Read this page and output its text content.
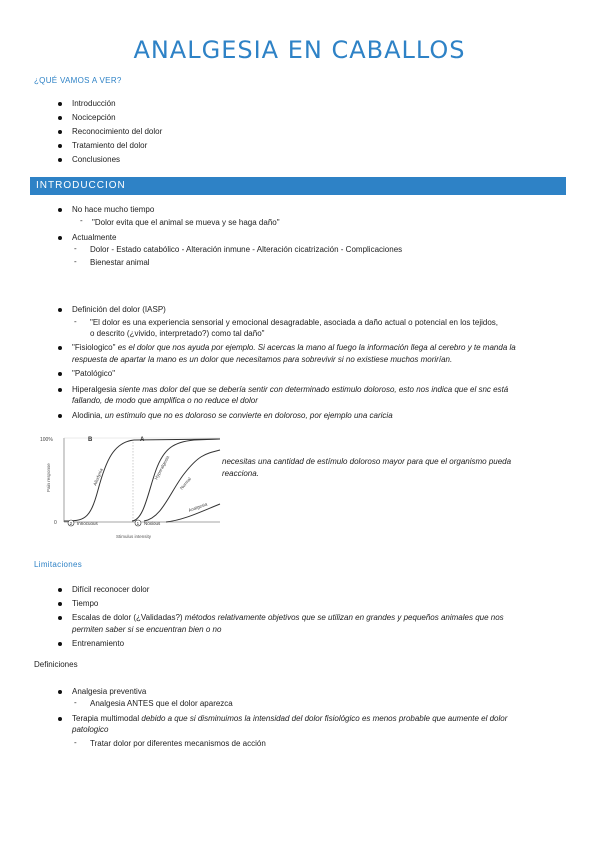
ANALGESIA EN CABALLOS
¿QUÉ VAMOS A VER?
Introducción
Nocicepción
Reconocimiento del dolor
Tratamiento del dolor
Conclusiones
INTRODUCCION
No hace mucho tiempo
- "Dolor evita que el animal se mueva y se haga daño"
Actualmente
- Dolor - Estado catabólico - Alteración inmune - Alteración cicatrización - Complicaciones
- Bienestar animal
Definición del dolor (IASP)
- "El dolor es una experiencia sensorial y emocional desagradable, asociada a daño actual o potencial en los tejidos,
o descrito (¿vivido, interpretado?) como tal daño"
"Fisiologico" es el dolor que nos ayuda por ejemplo. Si acercas la mano al fuego la información llega al cerebro y te manda la
respuesta de apartar la mano es un dolor que necesitamos para sobrevivir si no existiese muchos morirían.
"Patológico"
Hiperalgesia siente mas dolor del que se debería sentir con determinado estimulo doloroso, esto nos indica que el snc está
fallando, de modo que amplifica o no reduce el dolor
Alodinia, un estimulo que no es doloroso se convierte en doloroso, por ejemplo una caricia
100%
0
Pain response
Stimulus intensity
B	A
Allodynia	Hyperalgesia
Normal
Analgesia
2 Innocuous	1 Noxious
necesitas una cantidad de estímulo doloroso mayor para que el organismo pueda
reacciona.
Limitaciones
Difícil reconocer dolor
Tiempo
Escalas de dolor (¿Validadas?) métodos relativamente objetivos que se utilizan en grandes y pequeños animales que nos
permiten saber si se encuentran bien o no
Entrenamiento
Definiciones
Analgesia preventiva
- Analgesia ANTES que el dolor aparezca
Terapia multimodal debido a que si disminuimos la intensidad del dolor fisiológico es menos probable que aumente el dolor
patologico
- Tratar dolor por diferentes mecanismos de acción
